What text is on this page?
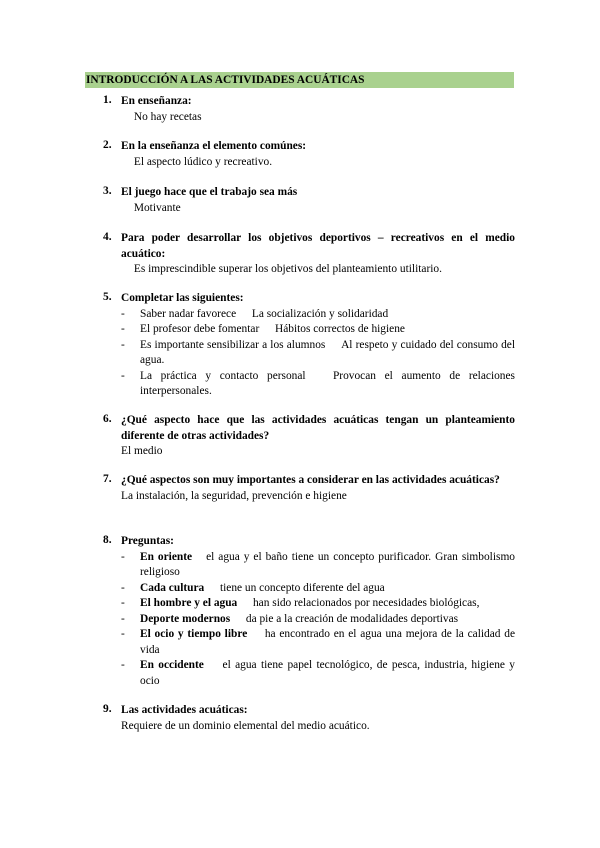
INTRODUCCIÓN A LAS ACTIVIDADES ACUÁTICAS
1. En enseñanza:
No hay recetas
2. En la enseñanza el elemento comúnes:
El aspecto lúdico y recreativo.
3. El juego hace que el trabajo sea más
Motivante
4. Para poder desarrollar los objetivos deportivos – recreativos en el medio acuático:
Es imprescindible superar los objetivos del planteamiento utilitario.
5. Completar las siguientes:
- Saber nadar favorece La socialización y solidaridad
- El profesor debe fomentar Hábitos correctos de higiene
- Es importante sensibilizar a los alumnos Al respeto y cuidado del consumo del agua.
- La práctica y contacto personal Provocan el aumento de relaciones interpersonales.
6. ¿Qué aspecto hace que las actividades acuáticas tengan un planteamiento diferente de otras actividades?
El medio
7. ¿Qué aspectos son muy importantes a considerar en las actividades acuáticas?
La instalación, la seguridad, prevención e higiene
8. Preguntas:
- En oriente el agua y el baño tiene un concepto purificador. Gran simbolismo religioso
- Cada cultura tiene un concepto diferente del agua
- El hombre y el agua han sido relacionados por necesidades biológicas,
- Deporte modernos da pie a la creación de modalidades deportivas
- El ocio y tiempo libre ha encontrado en el agua una mejora de la calidad de vida
- En occidente el agua tiene papel tecnológico, de pesca, industria, higiene y ocio
9. Las actividades acuáticas:
Requiere de un dominio elemental del medio acuático.
